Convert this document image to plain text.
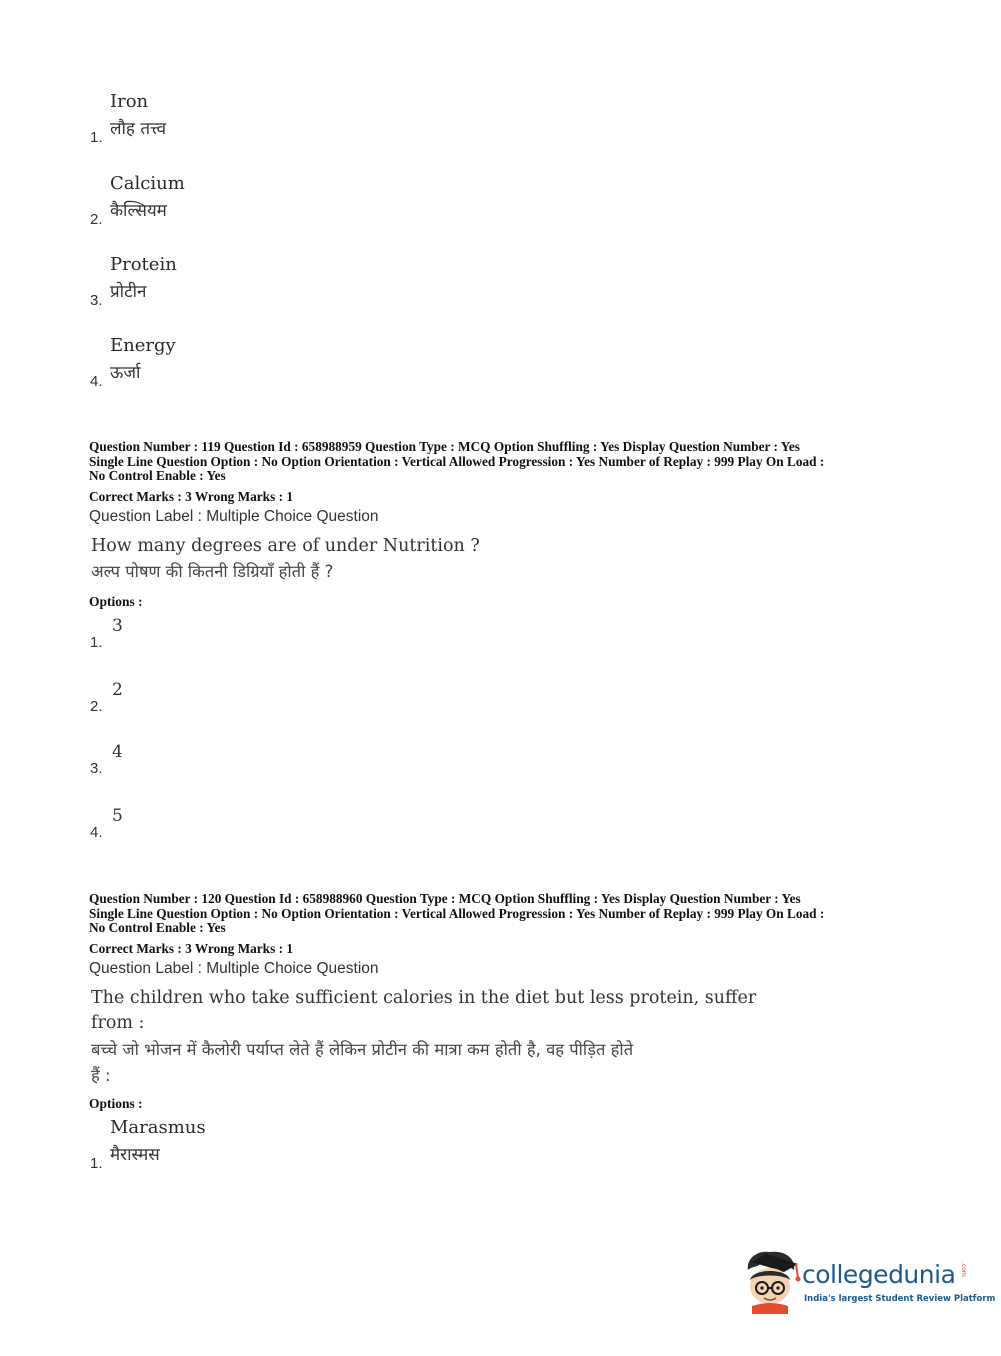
Iron
लौह तत्त्व
1.
Calcium
कैल्सियम
2.
Protein
प्रोटीन
3.
Energy
ऊर्जा
4.
Question Number : 119 Question Id : 658988959 Question Type : MCQ Option Shuffling : Yes Display Question Number : Yes
Single Line Question Option : No Option Orientation : Vertical Allowed Progression : Yes Number of Replay : 999 Play On Load :
No Control Enable : Yes
Correct Marks : 3 Wrong Marks : 1
Question Label : Multiple Choice Question
How many degrees are of under Nutrition ?
अल्प पोषण की कितनी डिग्रियाँ होती हैं ?
Options :
3
1.
2
2.
4
3.
5
4.
Question Number : 120 Question Id : 658988960 Question Type : MCQ Option Shuffling : Yes Display Question Number : Yes
Single Line Question Option : No Option Orientation : Vertical Allowed Progression : Yes Number of Replay : 999 Play On Load :
No Control Enable : Yes
Correct Marks : 3 Wrong Marks : 1
Question Label : Multiple Choice Question
The children who take sufficient calories in the diet but less protein, suffer
from :
बच्चे जो भोजन में कैलोरी पर्याप्त लेते हैं लेकिन प्रोटीन की मात्रा कम होती है, वह पीड़ित होते
हैं :
Options :
Marasmus
मैरास्मस
1.
collegedunia .com
India's largest Student Review Platform
